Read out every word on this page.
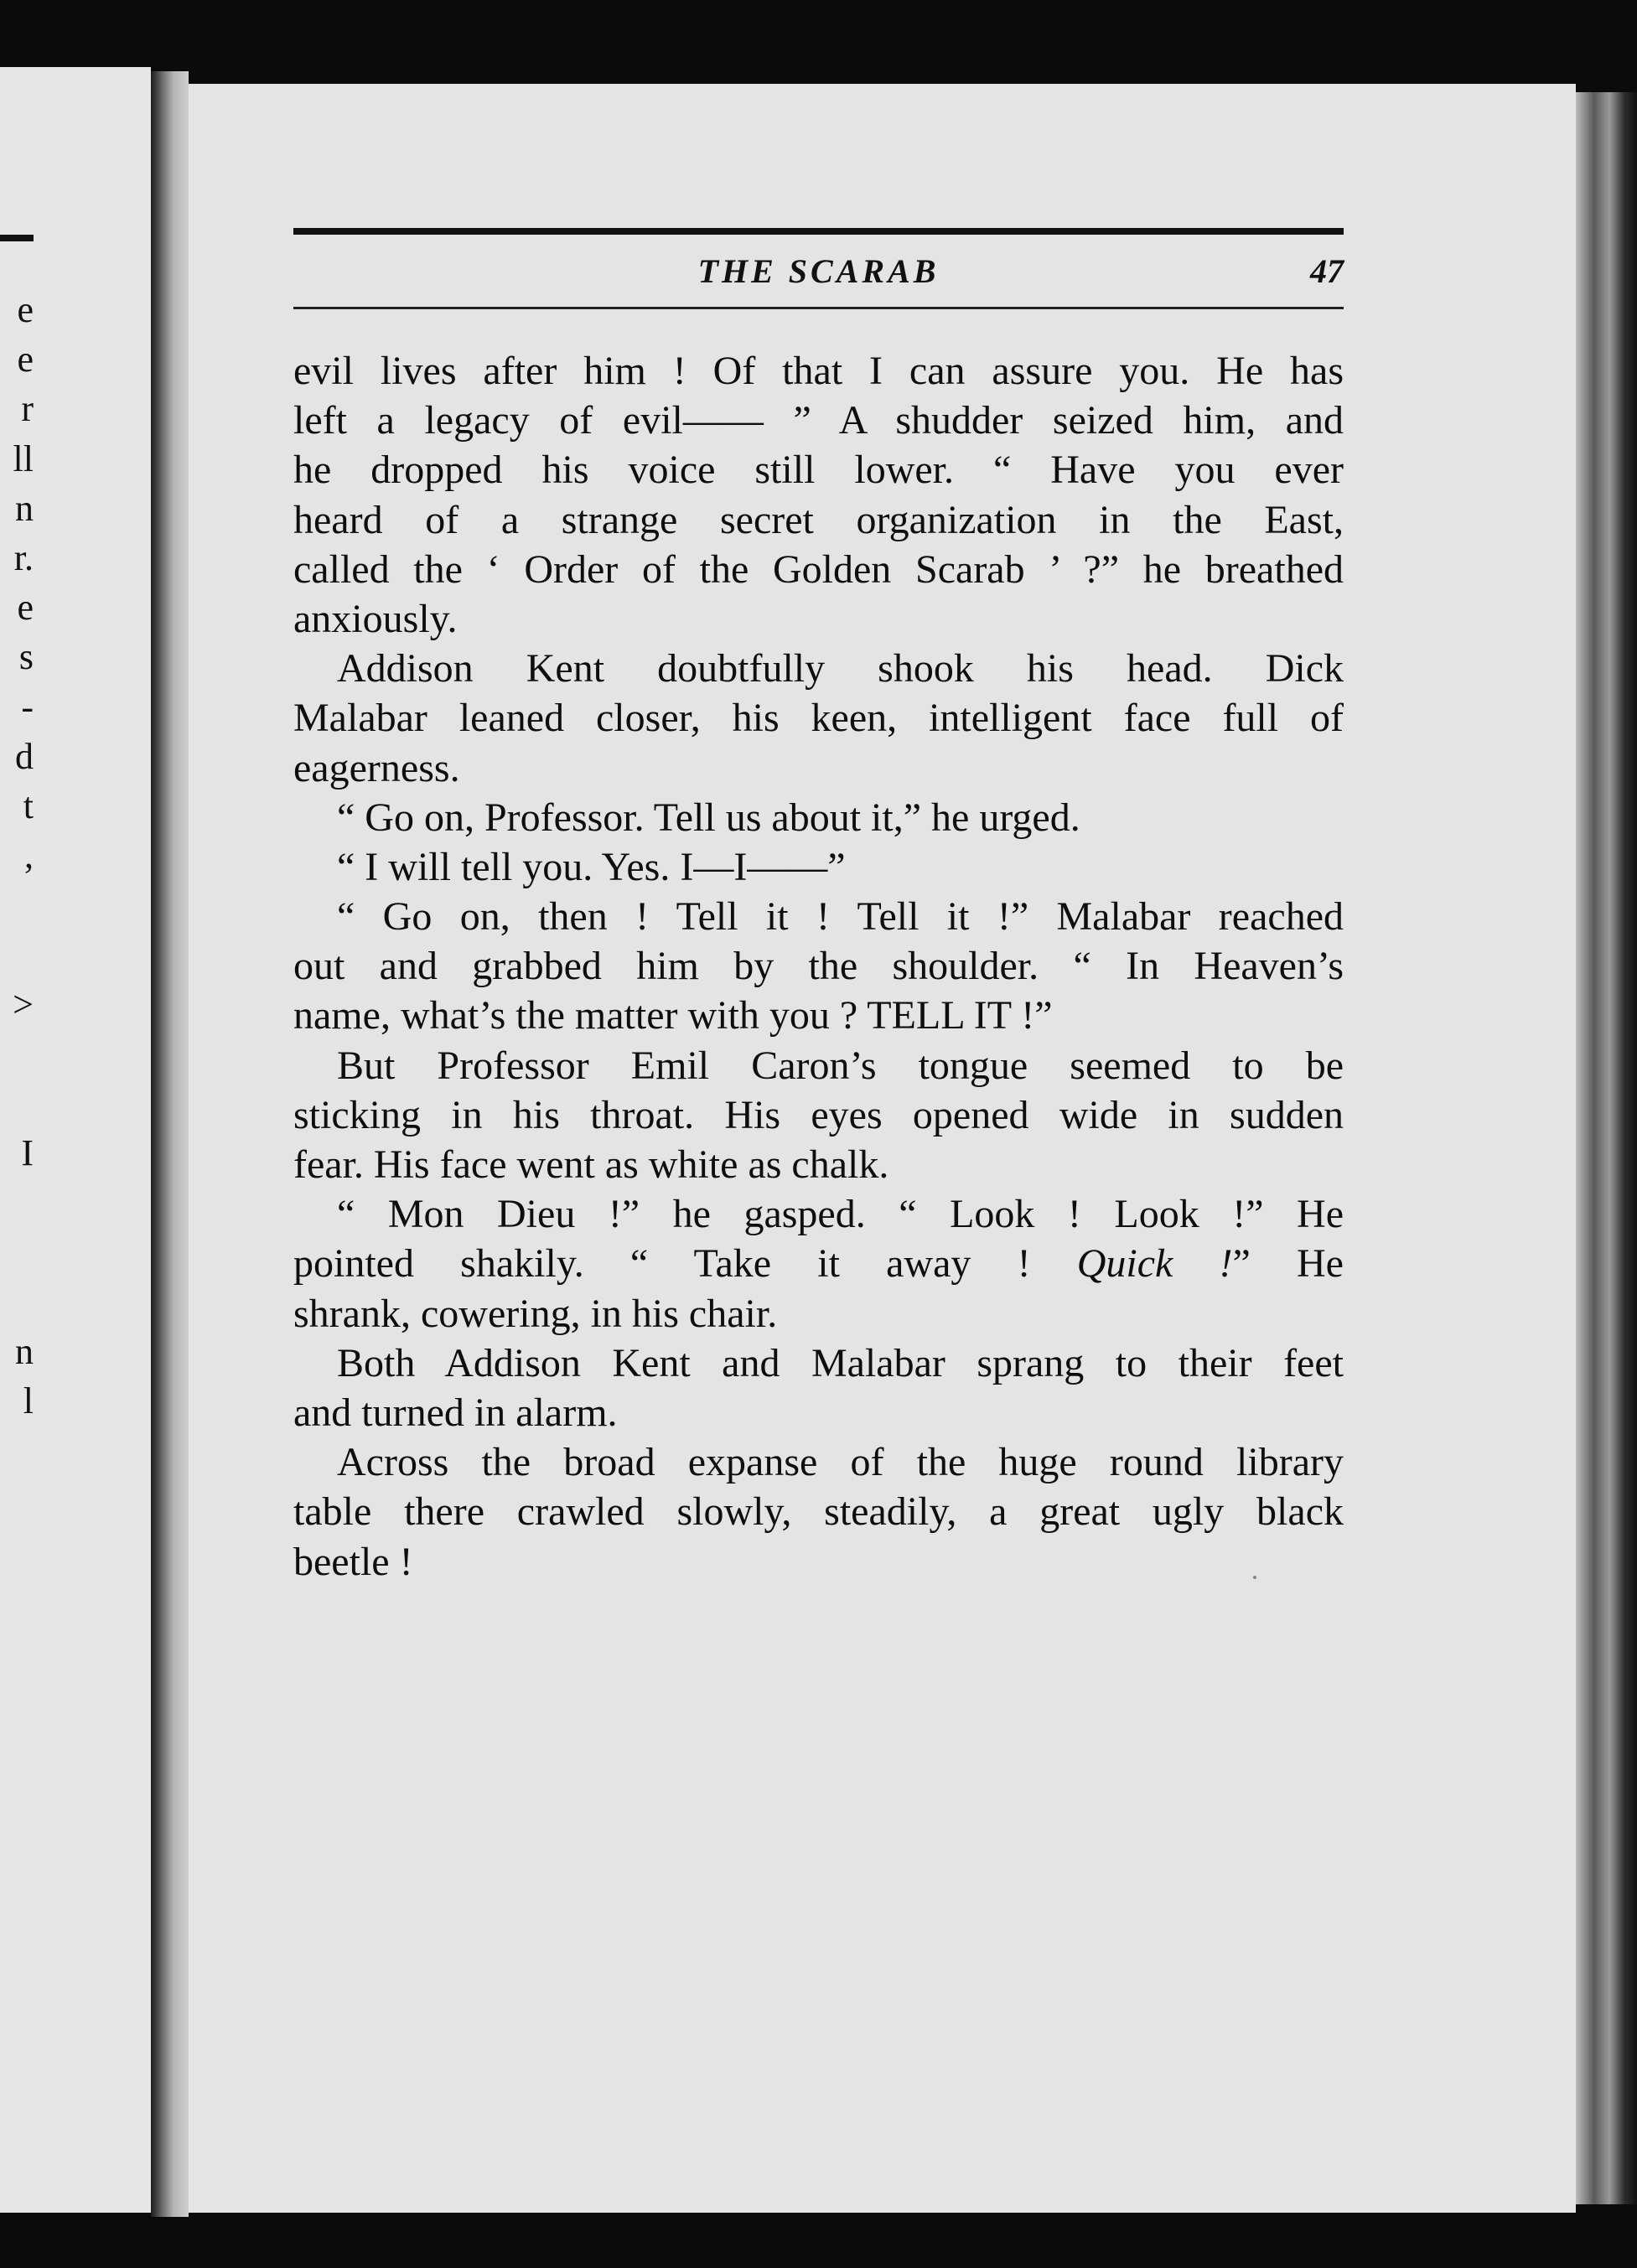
e
e
r
ll
n
r.
e
s
-
d
t
,
>
I
n
l
THE SCARAB	47
evil lives after him ! Of that I can assure you. He has
left a legacy of evil—— ” A shudder seized him, and
he dropped his voice still lower. “ Have you ever
heard of a strange secret organization in the East,
called the ‘ Order of the Golden Scarab ’ ?” he breathed
anxiously.
Addison Kent doubtfully shook his head. Dick
Malabar leaned closer, his keen, intelligent face full of
eagerness.
“ Go on, Professor. Tell us about it,” he urged.
“ I will tell you. Yes. I—I——”
“ Go on, then ! Tell it ! Tell it !” Malabar reached
out and grabbed him by the shoulder. “ In Heaven’s
name, what’s the matter with you ? TELL IT !”
But Professor Emil Caron’s tongue seemed to be
sticking in his throat. His eyes opened wide in sudden
fear. His face went as white as chalk.
“ Mon Dieu !” he gasped. “ Look ! Look !” He
pointed shakily. “ Take it away ! Quick !” He
shrank, cowering, in his chair.
Both Addison Kent and Malabar sprang to their feet
and turned in alarm.
Across the broad expanse of the huge round library
table there crawled slowly, steadily, a great ugly black
beetle !
